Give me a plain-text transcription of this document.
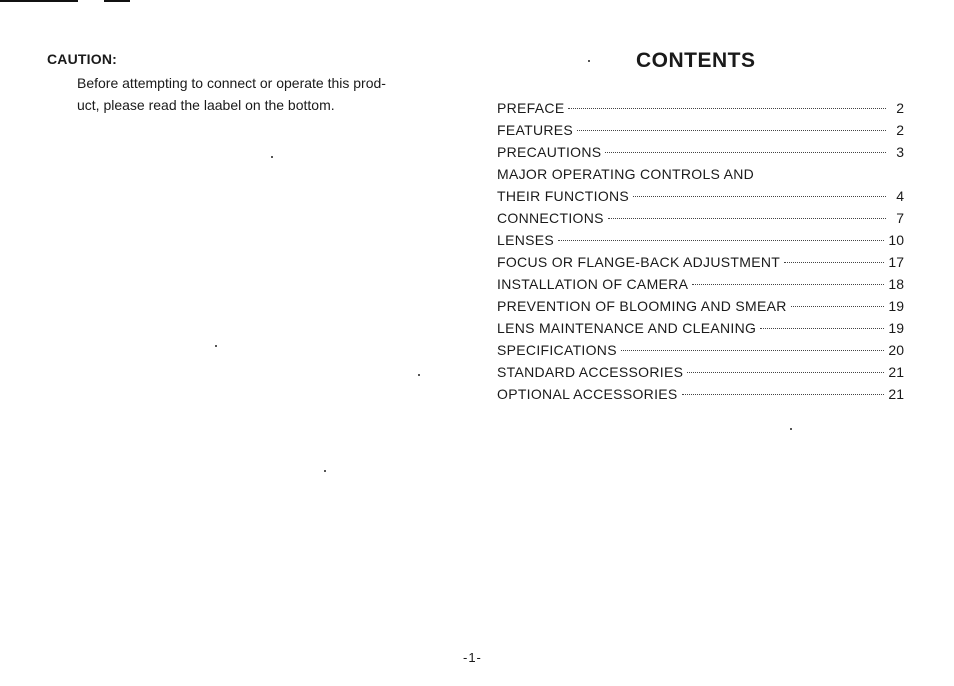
CAUTION:
Before attempting to connect or operate this prod-
uct, please read the laabel on the bottom.
CONTENTS
PREFACE	2
FEATURES	2
PRECAUTIONS	3
MAJOR OPERATING CONTROLS AND
THEIR FUNCTIONS	4
CONNECTIONS	7
LENSES	10
FOCUS OR FLANGE-BACK ADJUSTMENT	17
INSTALLATION OF CAMERA	18
PREVENTION OF BLOOMING AND SMEAR	19
LENS MAINTENANCE AND CLEANING	19
SPECIFICATIONS	20
STANDARD ACCESSORIES	21
OPTIONAL ACCESSORIES	21
-1-
